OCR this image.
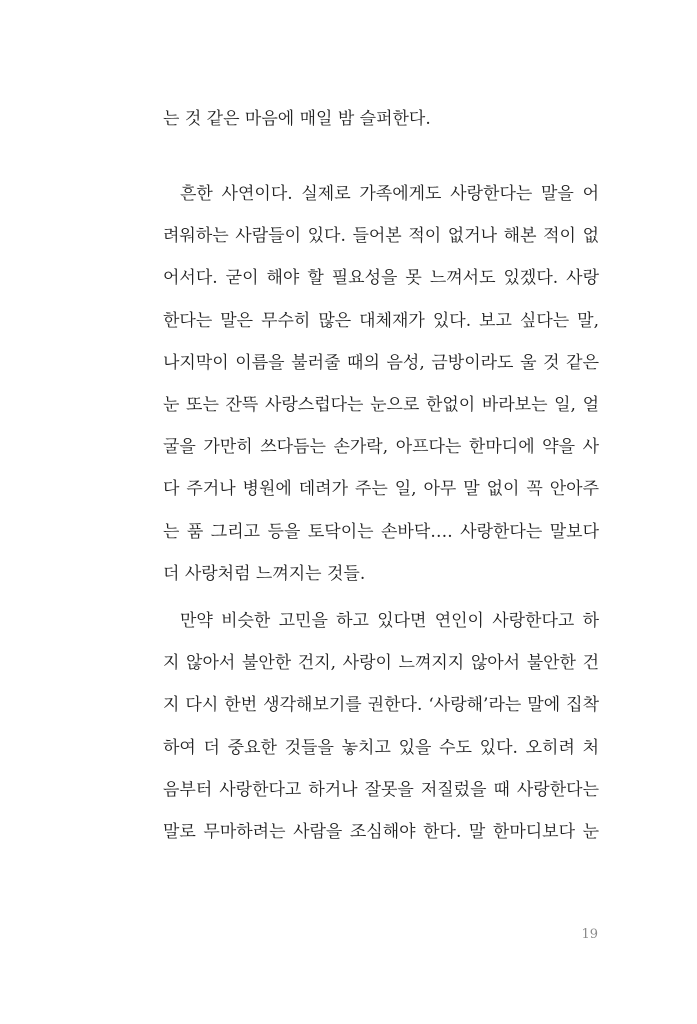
는 것 같은 마음에 매일 밤 슬퍼한다.
흔한 사연이다. 실제로 가족에게도 사랑한다는 말을 어
려워하는 사람들이 있다. 들어본 적이 없거나 해본 적이 없
어서다. 굳이 해야 할 필요성을 못 느껴서도 있겠다. 사랑
한다는 말은 무수히 많은 대체재가 있다. 보고 싶다는 말,
나지막이 이름을 불러줄 때의 음성, 금방이라도 울 것 같은
눈 또는 잔뜩 사랑스럽다는 눈으로 한없이 바라보는 일, 얼
굴을 가만히 쓰다듬는 손가락, 아프다는 한마디에 약을 사
다 주거나 병원에 데려가 주는 일, 아무 말 없이 꼭 안아주
는 품 그리고 등을 토닥이는 손바닥…. 사랑한다는 말보다
더 사랑처럼 느껴지는 것들.
만약 비슷한 고민을 하고 있다면 연인이 사랑한다고 하
지 않아서 불안한 건지, 사랑이 느껴지지 않아서 불안한 건
지 다시 한번 생각해보기를 권한다. ‘사랑해’라는 말에 집착
하여 더 중요한 것들을 놓치고 있을 수도 있다. 오히려 처
음부터 사랑한다고 하거나 잘못을 저질렀을 때 사랑한다는
말로 무마하려는 사람을 조심해야 한다. 말 한마디보다 눈
19
